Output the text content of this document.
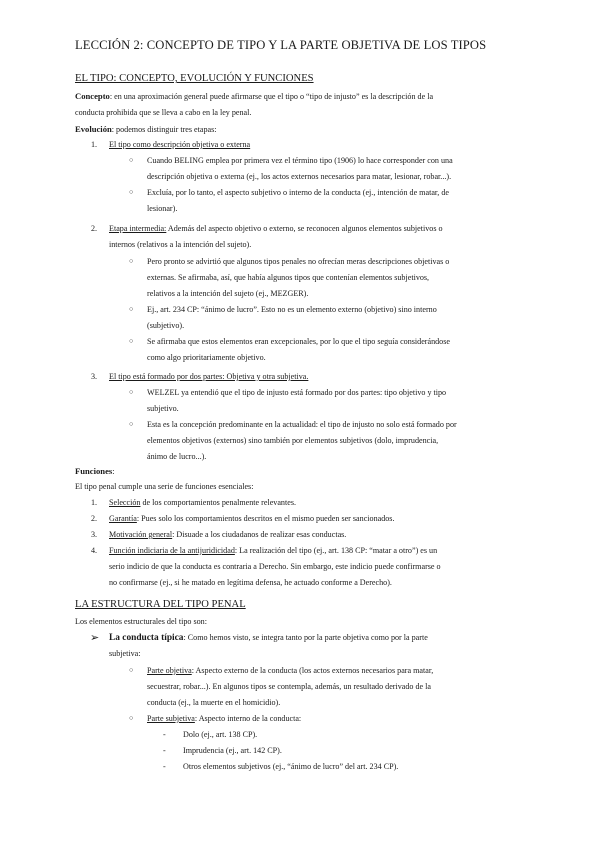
LECCIÓN 2: CONCEPTO DE TIPO Y LA PARTE OBJETIVA DE LOS TIPOS
EL TIPO: CONCEPTO, EVOLUCIÓN Y FUNCIONES
Concepto: en una aproximación general puede afirmarse que el tipo o “tipo de injusto” es la descripción de la
conducta prohibida que se lleva a cabo en la ley penal.
Evolución: podemos distinguir tres etapas:
1. El tipo como descripción objetiva o externa
○ Cuando BELING emplea por primera vez el término tipo (1906) lo hace corresponder con una
descripción objetiva o externa (ej., los actos externos necesarios para matar, lesionar, robar...).
○ Excluía, por lo tanto, el aspecto subjetivo o interno de la conducta (ej., intención de matar, de
lesionar).
2. Etapa intermedia: Además del aspecto objetivo o externo, se reconocen algunos elementos subjetivos o
internos (relativos a la intención del sujeto).
○ Pero pronto se advirtió que algunos tipos penales no ofrecían meras descripciones objetivas o
externas. Se afirmaba, así, que había algunos tipos que contenían elementos subjetivos,
relativos a la intención del sujeto (ej., MEZGER).
○ Ej., art. 234 CP: “ánimo de lucro”. Esto no es un elemento externo (objetivo) sino interno
(subjetivo).
○ Se afirmaba que estos elementos eran excepcionales, por lo que el tipo seguía considerándose
como algo prioritariamente objetivo.
3. El tipo está formado por dos partes: Objetiva y otra subjetiva.
○ WELZEL ya entendió que el tipo de injusto está formado por dos partes: tipo objetivo y tipo
subjetivo.
○ Esta es la concepción predominante en la actualidad: el tipo de injusto no solo está formado por
elementos objetivos (externos) sino también por elementos subjetivos (dolo, imprudencia,
ánimo de lucro...).
Funciones:
El tipo penal cumple una serie de funciones esenciales:
1. Selección de los comportamientos penalmente relevantes.
2. Garantía: Pues solo los comportamientos descritos en el mismo pueden ser sancionados.
3. Motivación general: Disuade a los ciudadanos de realizar esas conductas.
4. Función indiciaria de la antijuridicidad: La realización del tipo (ej., art. 138 CP: “matar a otro”) es un
serio indicio de que la conducta es contraria a Derecho. Sin embargo, este indicio puede confirmarse o
no confirmarse (ej., si he matado en legítima defensa, he actuado conforme a Derecho).
LA ESTRUCTURA DEL TIPO PENAL
Los elementos estructurales del tipo son:
➢ La conducta típica: Como hemos visto, se integra tanto por la parte objetiva como por la parte
subjetiva:
○ Parte objetiva: Aspecto externo de la conducta (los actos externos necesarios para matar,
secuestrar, robar...). En algunos tipos se contempla, además, un resultado derivado de la
conducta (ej., la muerte en el homicidio).
○ Parte subjetiva: Aspecto interno de la conducta:
- Dolo (ej., art. 138 CP).
- Imprudencia (ej., art. 142 CP).
- Otros elementos subjetivos (ej., “ánimo de lucro” del art. 234 CP).
